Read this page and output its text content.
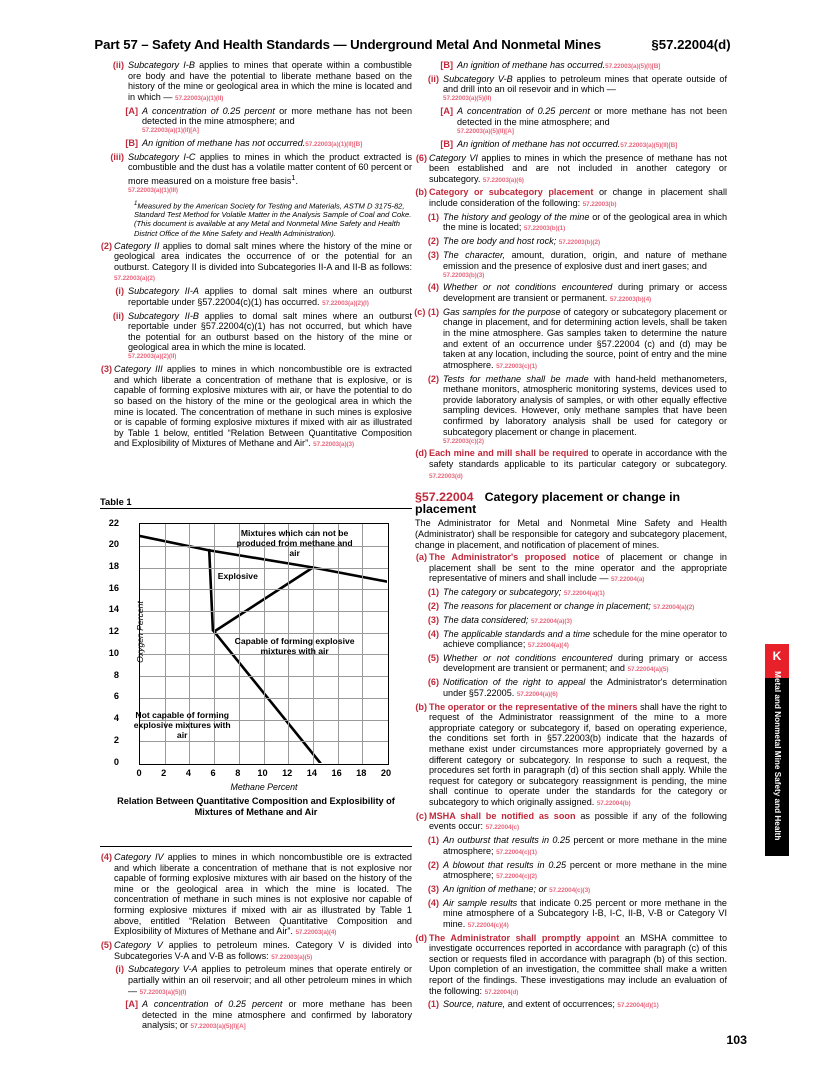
Part 57 – Safety And Health Standards — Underground Metal And Nonmetal Mines	§57.22004(d)
(ii) Subcategory I-B applies to mines that operate within a combustible ore body and have the potential to liberate methane based on the history of the mine or geological area in which the mine is located and in which — 57.22003(a)(1)(II)
[A] A concentration of 0.25 percent or more methane has not been detected in the mine atmosphere; and
57.22003(a)(1)(II)[A]
[B] An ignition of methane has not occurred.57.22003(a)(1)(II)[B]
(iii) Subcategory I-C applies to mines in which the product extracted is combustible and the dust has a volatile matter content of 60 percent or more measured on a moisture free basis$^1$.
57.22003(a)(1)(III)
$^1$Measured by the American Society for Testing and Materials, ASTM D 3175-82, Standard Test Method for Volatile Matter in the Analysis Sample of Coal and Coke. (This document is available at any Metal and Nonmetal Mine Safety and Health District Office of the Mine Safety and Health Administration).
(2) Category II applies to domal salt mines where the history of the mine or geological area indicates the occurrence of or the potential for an outburst. Category II is divided into Subcategories II-A and II-B as follows: 57.22003(a)(2)
(i) Subcategory II-A applies to domal salt mines where an outburst reportable under §57.22004(c)(1) has occurred. 57.22003(a)(2)(I)
(ii) Subcategory II-B applies to domal salt mines where an outburst reportable under §57.22004(c)(1) has not occurred, but which have the potential for an outburst based on the history of the mine or geological area in which the mine is located.
57.22003(a)(2)(II)
(3) Category III applies to mines in which noncombustible ore is extracted and which liberate a concentration of methane that is explosive, or is capable of forming explosive mixtures with air, or have the potential to do so based on the history of the mine or the geological area in which the mine is located. The concentration of methane in such mines is explosive or is capable of forming explosive mixtures if mixed with air as illustrated by Table 1 below, entitled “Relation Between Quantitative Composition and Explosibility of Mixtures of Methane and Air”. 57.22003(a)(3)
Table 1
0
2
4
6
8
10
12
14
16
18
20
22
0	2	4	6	8	10	12	14	16	18	20
Oxygen Percent
Methane Percent
Relation Between Quantitative Composition and Explosibility of Mixtures of Methane and Air
Mixtures which can not be produced from methane and air
Explosive
Capable of forming explosive mixtures with air
Not capable of forming explosive mixtures with air
(4) Category IV applies to mines in which noncombustible ore is extracted and which liberate a concentration of methane that is not explosive nor capable of forming explosive mixtures with air based on the history of the mine or the geological area in which the mine is located. The concentration of methane in such mines is not explosive nor capable of forming explosive mixtures if mixed with air as illustrated by Table 1 above, entitled “Relation Between Quantitative Composition and Explosibility of Mixtures of Methane and Air”. 57.22003(a)(4)
(5) Category V applies to petroleum mines. Category V is divided into Subcategories V-A and V-B as follows: 57.22003(a)(5)
(i) Subcategory V-A applies to petroleum mines that operate entirely or partially within an oil reservoir; and all other petroleum mines in which — 57.22003(a)(5)(I)
[A] A concentration of 0.25 percent or more methane has been detected in the mine atmosphere and confirmed by laboratory analysis; or 57.22003(a)(5)(I)[A]
[B] An ignition of methane has occurred.57.22003(a)(5)(I)[B]
(ii) Subcategory V-B applies to petroleum mines that operate outside of and drill into an oil resevoir and in which —
57.22003(a)(5)(II)
[A] A concentration of 0.25 percent or more methane has not been detected in the mine atmosphere; and
57.22003(a)(5)(II)[A]
[B] An ignition of methane has not occurred.57.22003(a)(5)(II)[B]
(6) Category VI applies to mines in which the presence of methane has not been established and are not included in another category or subcategory. 57.22003(a)(6)
(b) Category or subcategory placement or change in placement shall include consideration of the following: 57.22003(b)
(1) The history and geology of the mine or of the geological area in which the mine is located; 57.22003(b)(1)
(2) The ore body and host rock; 57.22003(b)(2)
(3) The character, amount, duration, origin, and nature of methane emission and the presence of explosive dust and inert gases; and
57.22003(b)(3)
(4) Whether or not conditions encountered during primary or access development are transient or permanent. 57.22003(b)(4)
(c) (1) Gas samples for the purpose of category or subcategory placement or change in placement, and for determining action levels, shall be taken in the mine atmosphere. Gas samples taken to determine the nature and extent of an occurrence under §57.22004 (c) and (d) may be taken at any location, including the source, point of entry and the mine atmosphere. 57.22003(c)(1)
(2) Tests for methane shall be made with hand-held methanometers, methane monitors, atmospheric monitoring systems, devices used to provide laboratory analysis of samples, or with other equally effective sampling devices. However, only methane samples that have been confirmed by laboratory analysis shall be used for category or subcategory placement or change in placement.
57.22003(c)(2)
(d) Each mine and mill shall be required to operate in accordance with the safety standards applicable to its particular category or subcategory. 57.22003(d)
§57.22004 Category placement or change in placement
The Administrator for Metal and Nonmetal Mine Safety and Health (Administrator) shall be responsible for category and subcategory placement, change in placement, and notification of placement of mines.
(a) The Administrator's proposed notice of placement or change in placement shall be sent to the mine operator and the appropriate representative of miners and shall include — 57.22004(a)
(1) The category or subcategory; 57.22004(a)(1)
(2) The reasons for placement or change in placement; 57.22004(a)(2)
(3) The data considered; 57.22004(a)(3)
(4) The applicable standards and a time schedule for the mine operator to achieve compliance; 57.22004(a)(4)
(5) Whether or not conditions encountered during primary or access development are transient or permanent; and 57.22004(a)(5)
(6) Notification of the right to appeal the Administrator's determination under §57.22005. 57.22004(a)(6)
(b) The operator or the representative of the miners shall have the right to request of the Administrator reassignment of the mine to a more appropriate category or subcategory if, based on operating experience, the conditions set forth in §57.22003(b) indicate that the hazards of methane exist under circumstances more appropriately governed by a different category or subcategory. In response to such a request, the procedures set forth in paragraph (d) of this section shall apply. While the request for category or subcategory reassignment is pending, the mine shall continue to operate under the standards for the category or subcategory to which originally assigned. 57.22004(b)
(c) MSHA shall be notified as soon as possible if any of the following events occur: 57.22004(c)
(1) An outburst that results in 0.25 percent or more methane in the mine atmosphere; 57.22004(c)(1)
(2) A blowout that results in 0.25 percent or more methane in the mine atmosphere; 57.22004(c)(2)
(3) An ignition of methane; or 57.22004(c)(3)
(4) Air sample results that indicate 0.25 percent or more methane in the mine atmosphere of a Subcategory I-B, I-C, II-B, V-B or Category VI mine. 57.22004(c)(4)
(d) The Administrator shall promptly appoint an MSHA committee to investigate occurrences reported in accordance with paragraph (c) of this section or requests filed in accordance with paragraph (b) of this section. Upon completion of an investigation, the committee shall make a written report of the findings. These investigations may include an evaluation of the following: 57.22004(d)
(1) Source, nature, and extent of occurrences; 57.22004(d)(1)
K
Metal and Nonmetal Mine Safety and Health
103
